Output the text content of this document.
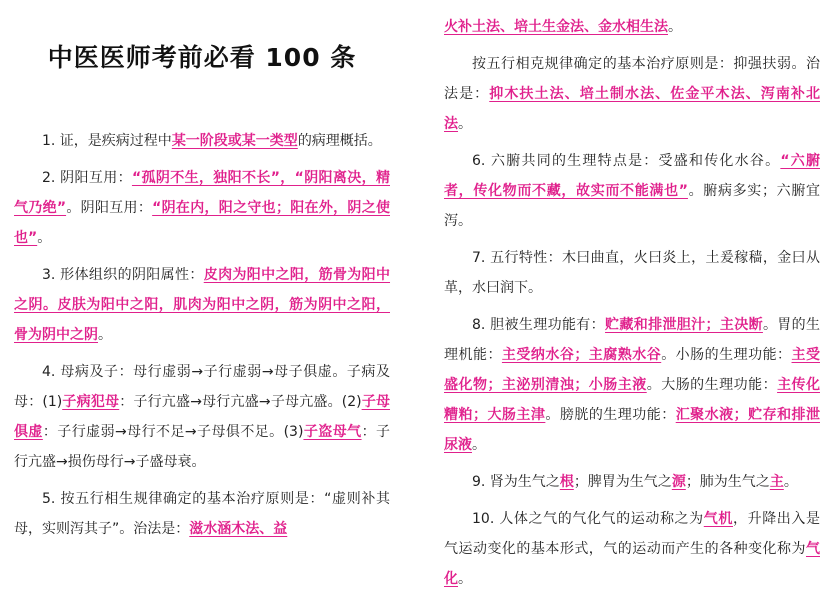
中医医师考前必看 100 条

1. 证，是疾病过程中某一阶段或某一类型的病理概括。

2. 阴阳互用：“孤阴不生，独阳不长”，“阴阳离决，精气乃绝”。阴阳互用：“阴在内，阳之守也；阳在外，阴之使也”。

3. 形体组织的阴阳属性：皮肉为阳中之阳，筋骨为阳中之阴。皮肤为阳中之阳，肌肉为阳中之阴，筋为阴中之阳，骨为阴中之阴。

4. 母病及子：母行虚弱→子行虚弱→母子俱虚。子病及母：(1)子病犯母：子行亢盛→母行亢盛→子母亢盛。(2)子母俱虚：子行虚弱→母行不足→子母俱不足。(3)子盗母气：子行亢盛→损伤母行→子盛母衰。

5. 按五行相生规律确定的基本治疗原则是：“虚则补其母，实则泻其子”。治法是：滋水涵木法、益

火补土法、培土生金法、金水相生法。

按五行相克规律确定的基本治疗原则是：抑强扶弱。治法是：抑木扶土法、培土制水法、佐金平木法、泻南补北法。

6. 六腑共同的生理特点是：受盛和传化水谷。“六腑者，传化物而不藏，故实而不能满也”。腑病多实；六腑宜泻。

7. 五行特性：木曰曲直，火曰炎上，土爰稼穑，金曰从革，水曰润下。

8. 胆被生理功能有：贮藏和排泄胆汁；主决断。胃的生理机能：主受纳水谷；主腐熟水谷。小肠的生理功能：主受盛化物；主泌别清浊；小肠主液。大肠的生理功能：主传化糟粕；大肠主津。膀胱的生理功能：汇聚水液；贮存和排泄尿液。

9. 肾为生气之根；脾胃为生气之源；肺为生气之主。

10. 人体之气的气化气的运动称之为气机，升降出入是气运动变化的基本形式，气的运动而产生的各种变化称为气化。
